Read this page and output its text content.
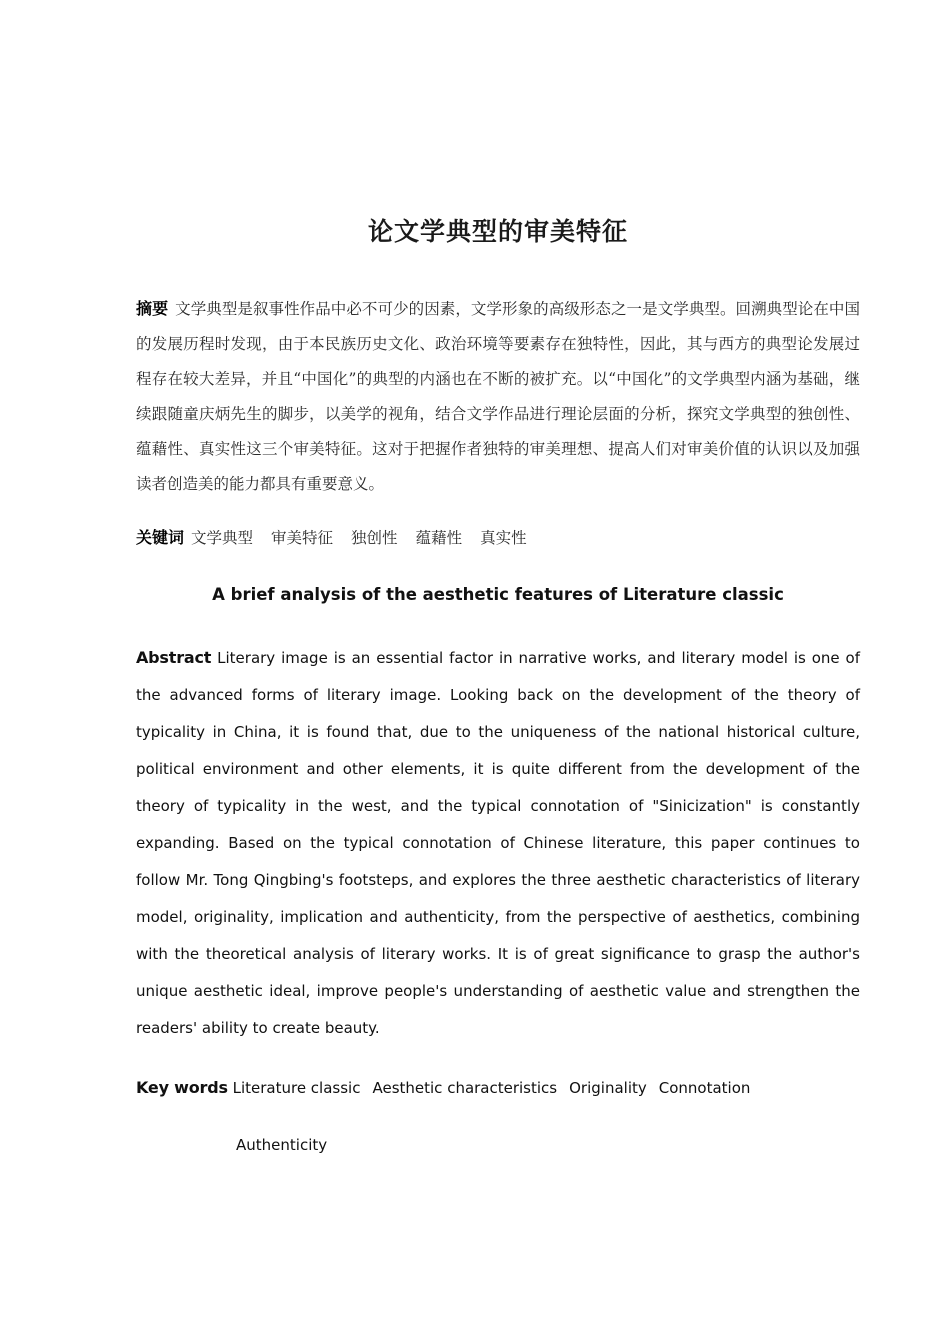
论文学典型的审美特征

摘要 文学典型是叙事性作品中必不可少的因素，文学形象的高级形态之一是文学典型。回溯典型论在中国的发展历程时发现，由于本民族历史文化、政治环境等要素存在独特性，因此，其与西方的典型论发展过程存在较大差异，并且“中国化”的典型的内涵也在不断的被扩充。以“中国化”的文学典型内涵为基础，继续跟随童庆炳先生的脚步，以美学的视角，结合文学作品进行理论层面的分析，探究文学典型的独创性、蕴藉性、真实性这三个审美特征。这对于把握作者独特的审美理想、提高人们对审美价值的认识以及加强读者创造美的能力都具有重要意义。

关键词 文学典型 审美特征 独创性 蕴藉性 真实性

A brief analysis of the aesthetic features of Literature classic

Abstract Literary image is an essential factor in narrative works, and literary model is one of the advanced forms of literary image. Looking back on the development of the theory of typicality in China, it is found that, due to the uniqueness of the national historical culture, political environment and other elements, it is quite different from the development of the theory of typicality in the west, and the typical connotation of "Sinicization" is constantly expanding. Based on the typical connotation of Chinese literature, this paper continues to follow Mr. Tong Qingbing's footsteps, and explores the three aesthetic characteristics of literary model, originality, implication and authenticity, from the perspective of aesthetics, combining with the theoretical analysis of literary works. It is of great significance to grasp the author's unique aesthetic ideal, improve people's understanding of aesthetic value and strengthen the readers' ability to create beauty.

Key words Literature classic Aesthetic characteristics Originality Connotation

Authenticity
